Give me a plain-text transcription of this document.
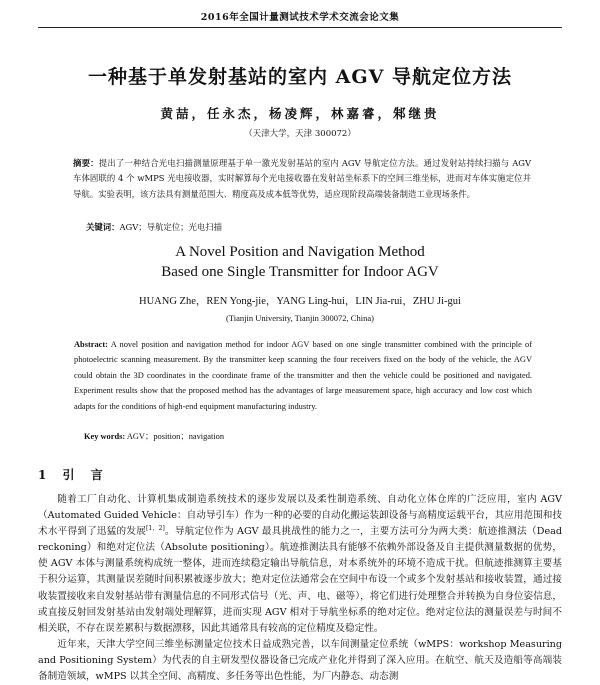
2016年全国计量测试技术学术交流会论文集
一种基于单发射基站的室内 AGV 导航定位方法
黄喆，任永杰，杨凌辉，林嘉睿，邾继贵
（天津大学，天津 300072）
摘要：提出了一种结合光电扫描测量原理基于单一激光发射基站的室内 AGV 导航定位方法。通过发射站持续扫描与 AGV 车体固联的 4 个 wMPS 光电接收器，实时解算每个光电接收器在发射站坐标系下的空间三维坐标，进而对车体实施定位并导航。实验表明，该方法具有测量范围大、精度高及成本低等优势，适应现阶段高端装备制造工业现场条件。
关键词：AGV；导航定位；光电扫描
A Novel Position and Navigation Method
Based one Single Transmitter for Indoor AGV
HUANG Zhe，REN Yong-jie，YANG Ling-hui，LIN Jia-rui，ZHU Ji-gui
(Tianjin University, Tianjin 300072, China)
Abstract: A novel position and navigation method for indoor AGV based on one single transmitter combined with the principle of photoelectric scanning measurement. By the transmitter keep scanning the four receivers fixed on the body of the vehicle, the AGV could obtain the 3D coordinates in the coordinate frame of the transmitter and then the vehicle could be positioned and navigated. Experiment results show that the proposed method has the advantages of large measurement space, high accuracy and low cost which adapts for the conditions of high-end equipment manufacturing industry.
Key words: AGV；position；navigation
1 引 言

随着工厂自动化、计算机集成制造系统技术的逐步发展以及柔性制造系统、自动化立体仓库的广泛应用，室内 AGV（Automated Guided Vehicle：自动导引车）作为一种的必要的自动化搬运装卸设备与高精度运载平台，其应用范围和技术水平得到了迅猛的发展[1，2]。导航定位作为 AGV 最具挑战性的能力之一，主要方法可分为两大类：航迹推测法（Dead reckoning）和绝对定位法（Absolute positioning）。航迹推测法具有能够不依赖外部设备及自主提供测量数据的优势，使 AGV 本体与测量系统构成统一整体，进而连续稳定输出导航信息，对本系统外的环境不造成干扰。但航迹推测算主要基于积分运算，其测量误差随时间积累被逐步放大；绝对定位法通常会在空间中布设一个或多个发射基站和接收装置，通过接收装置接收来自发射基站带有测量信息的不同形式信号（光、声、电、磁等），将它们进行处理整合并转换为自身位姿信息，或直接反射回发射基站由发射端处理解算，进而实现 AGV 相对于导航坐标系的绝对定位。绝对定位法的测量误差与时间不相关联，不存在误差累积与数据漂移，因此其通常具有较高的定位精度及稳定性。

近年来，天津大学空间三维坐标测量定位技术日益成熟完善，以车间测量定位系统（wMPS：workshop Measuring and Positioning System）为代表的自主研发型仪器设备已完成产业化并得到了深入应用。在航空、航天及造船等高端装备制造领域，wMPS 以其全空间、高精度、多任务等出色性能，为厂内静态、动态测
